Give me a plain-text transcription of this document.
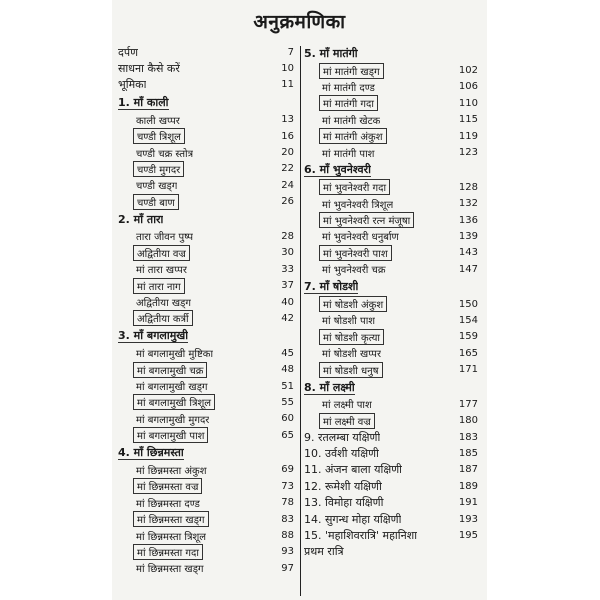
अनुक्रमणिका
दर्पण	7
साधना कैसे करें	10
भूमिका	11
1. माँ काली
काली खप्पर	13
चण्डी त्रिशूल	16
चण्डी चक्र स्तोत्र	20
चण्डी मुगदर	22
चण्डी खड्ग	24
चण्डी बाण	26
2. माँ तारा
तारा जीवन पुष्प	28
अद्वितीया वज्र	30
मां तारा खप्पर	33
मां तारा नाग	37
अद्वितीया खड्ग	40
अद्वितीया कर्त्री	42
3. माँ बगलामुखी
मां बगलामुखी मुष्टिका	45
मां बगलामुखी चक्र	48
मां बगलामुखी खड्ग	51
मां बगलामुखी त्रिशूल	55
मां बगलामुखी मुगदर	60
मां बगलामुखी पाश	65
4. माँ छिन्नमस्ता
मां छिन्नमस्ता अंकुश	69
मां छिन्नमस्ता वज्र	73
मां छिन्नमस्ता दण्ड	78
मां छिन्नमस्ता खड्ग	83
मां छिन्नमस्ता त्रिशूल	88
मां छिन्नमस्ता गदा	93
मां छिन्नमस्ता खड्ग	97
5. माँ मातंगी
मां मातंगी खड्ग	102
मां मातंगी दण्ड	106
मां मातंगी गदा	110
मां मातंगी खेटक	115
मां मातंगी अंकुश	119
मां मातंगी पाश	123
6. माँ भुवनेश्वरी
मां भुवनेश्वरी गदा	128
मां भुवनेश्वरी त्रिशूल	132
मां भुवनेश्वरी रत्न मंजूषा	136
मां भुवनेश्वरी धनुर्बाण	139
मां भुवनेश्वरी पाश	143
मां भुवनेश्वरी चक्र	147
7. माँ षोडशी
मां षोडशी अंकुश	150
मां षोडशी पाश	154
मां षोडशी कृत्या	159
मां षोडशी खप्पर	165
मां षोडशी धनुष	171
8. माँ लक्ष्मी
मां लक्ष्मी पाश	177
मां लक्ष्मी वज्र	180
9. रतलम्बा यक्षिणी	183
10. उर्वशी यक्षिणी	185
11. अंजन बाला यक्षिणी	187
12. रूमेशी यक्षिणी	189
13. विमोहा यक्षिणी	191
14. सुगन्ध मोहा यक्षिणी	193
15. 'महाशिवरात्रि' महानिशा	195
प्रथम रात्रि
